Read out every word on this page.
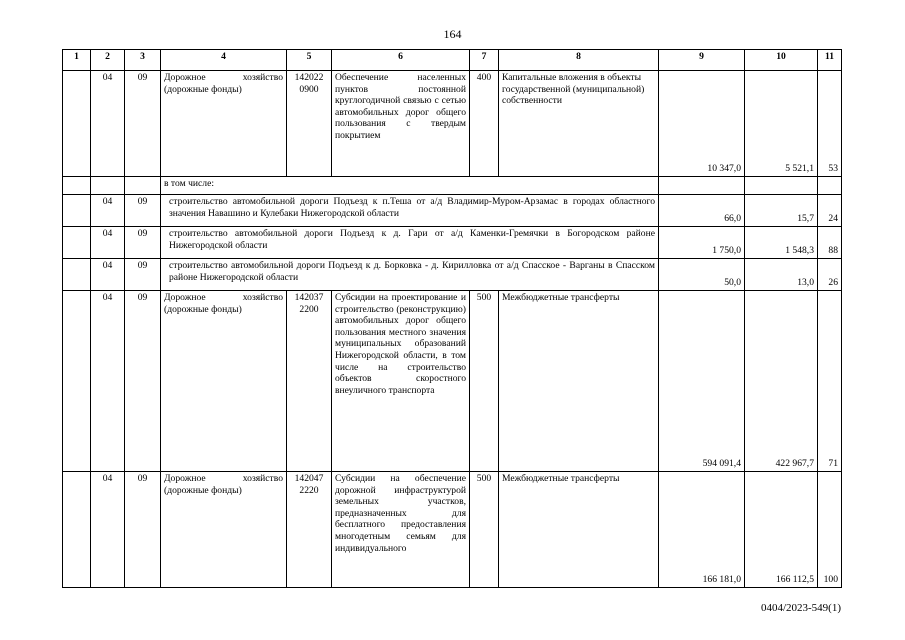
164
1	2	3	4	5	6	7	8	9	10	11
	04	09	Дорожное хозяйство (дорожные фонды)	142022 0900	Обеспечение населенных пунктов постоянной круглогодичной связью с сетью автомобильных дорог общего пользования с твердым покрытием	400	Капитальные вложения в объекты государственной (муниципальной) собственности	10 347,0	5 521,1	53
			в том числе:							
	04	09	строительство автомобильной дороги Подъезд к п.Теша от а/д Владимир-Муром-Арзамас в городах областного значения Навашино и Кулебаки Нижегородской области					66,0	15,7	24
	04	09	строительство автомобильной дороги Подъезд к д. Гари от а/д Каменки-Гремячки в Богородском районе Нижегородской области					1 750,0	1 548,3	88
	04	09	строительство автомобильной дороги Подъезд к д. Борковка - д. Кирилловка от а/д Спасское - Варганы в Спасском районе Нижегородской области					50,0	13,0	26
	04	09	Дорожное хозяйство (дорожные фонды)	142037 2200	Субсидии на проектирование и строительство (реконструкцию) автомобильных дорог общего пользования местного значения муниципальных образований Нижегородской области, в том числе на строительство объектов скоростного внеуличного транспорта	500	Межбюджетные трансферты	594 091,4	422 967,7	71
	04	09	Дорожное хозяйство (дорожные фонды)	142047 2220	Субсидии на обеспечение дорожной инфраструктурой земельных участков, предназначенных для бесплатного предоставления многодетным семьям для индивидуального	500	Межбюджетные трансферты	166 181,0	166 112,5	100
0404/2023-549(1)
